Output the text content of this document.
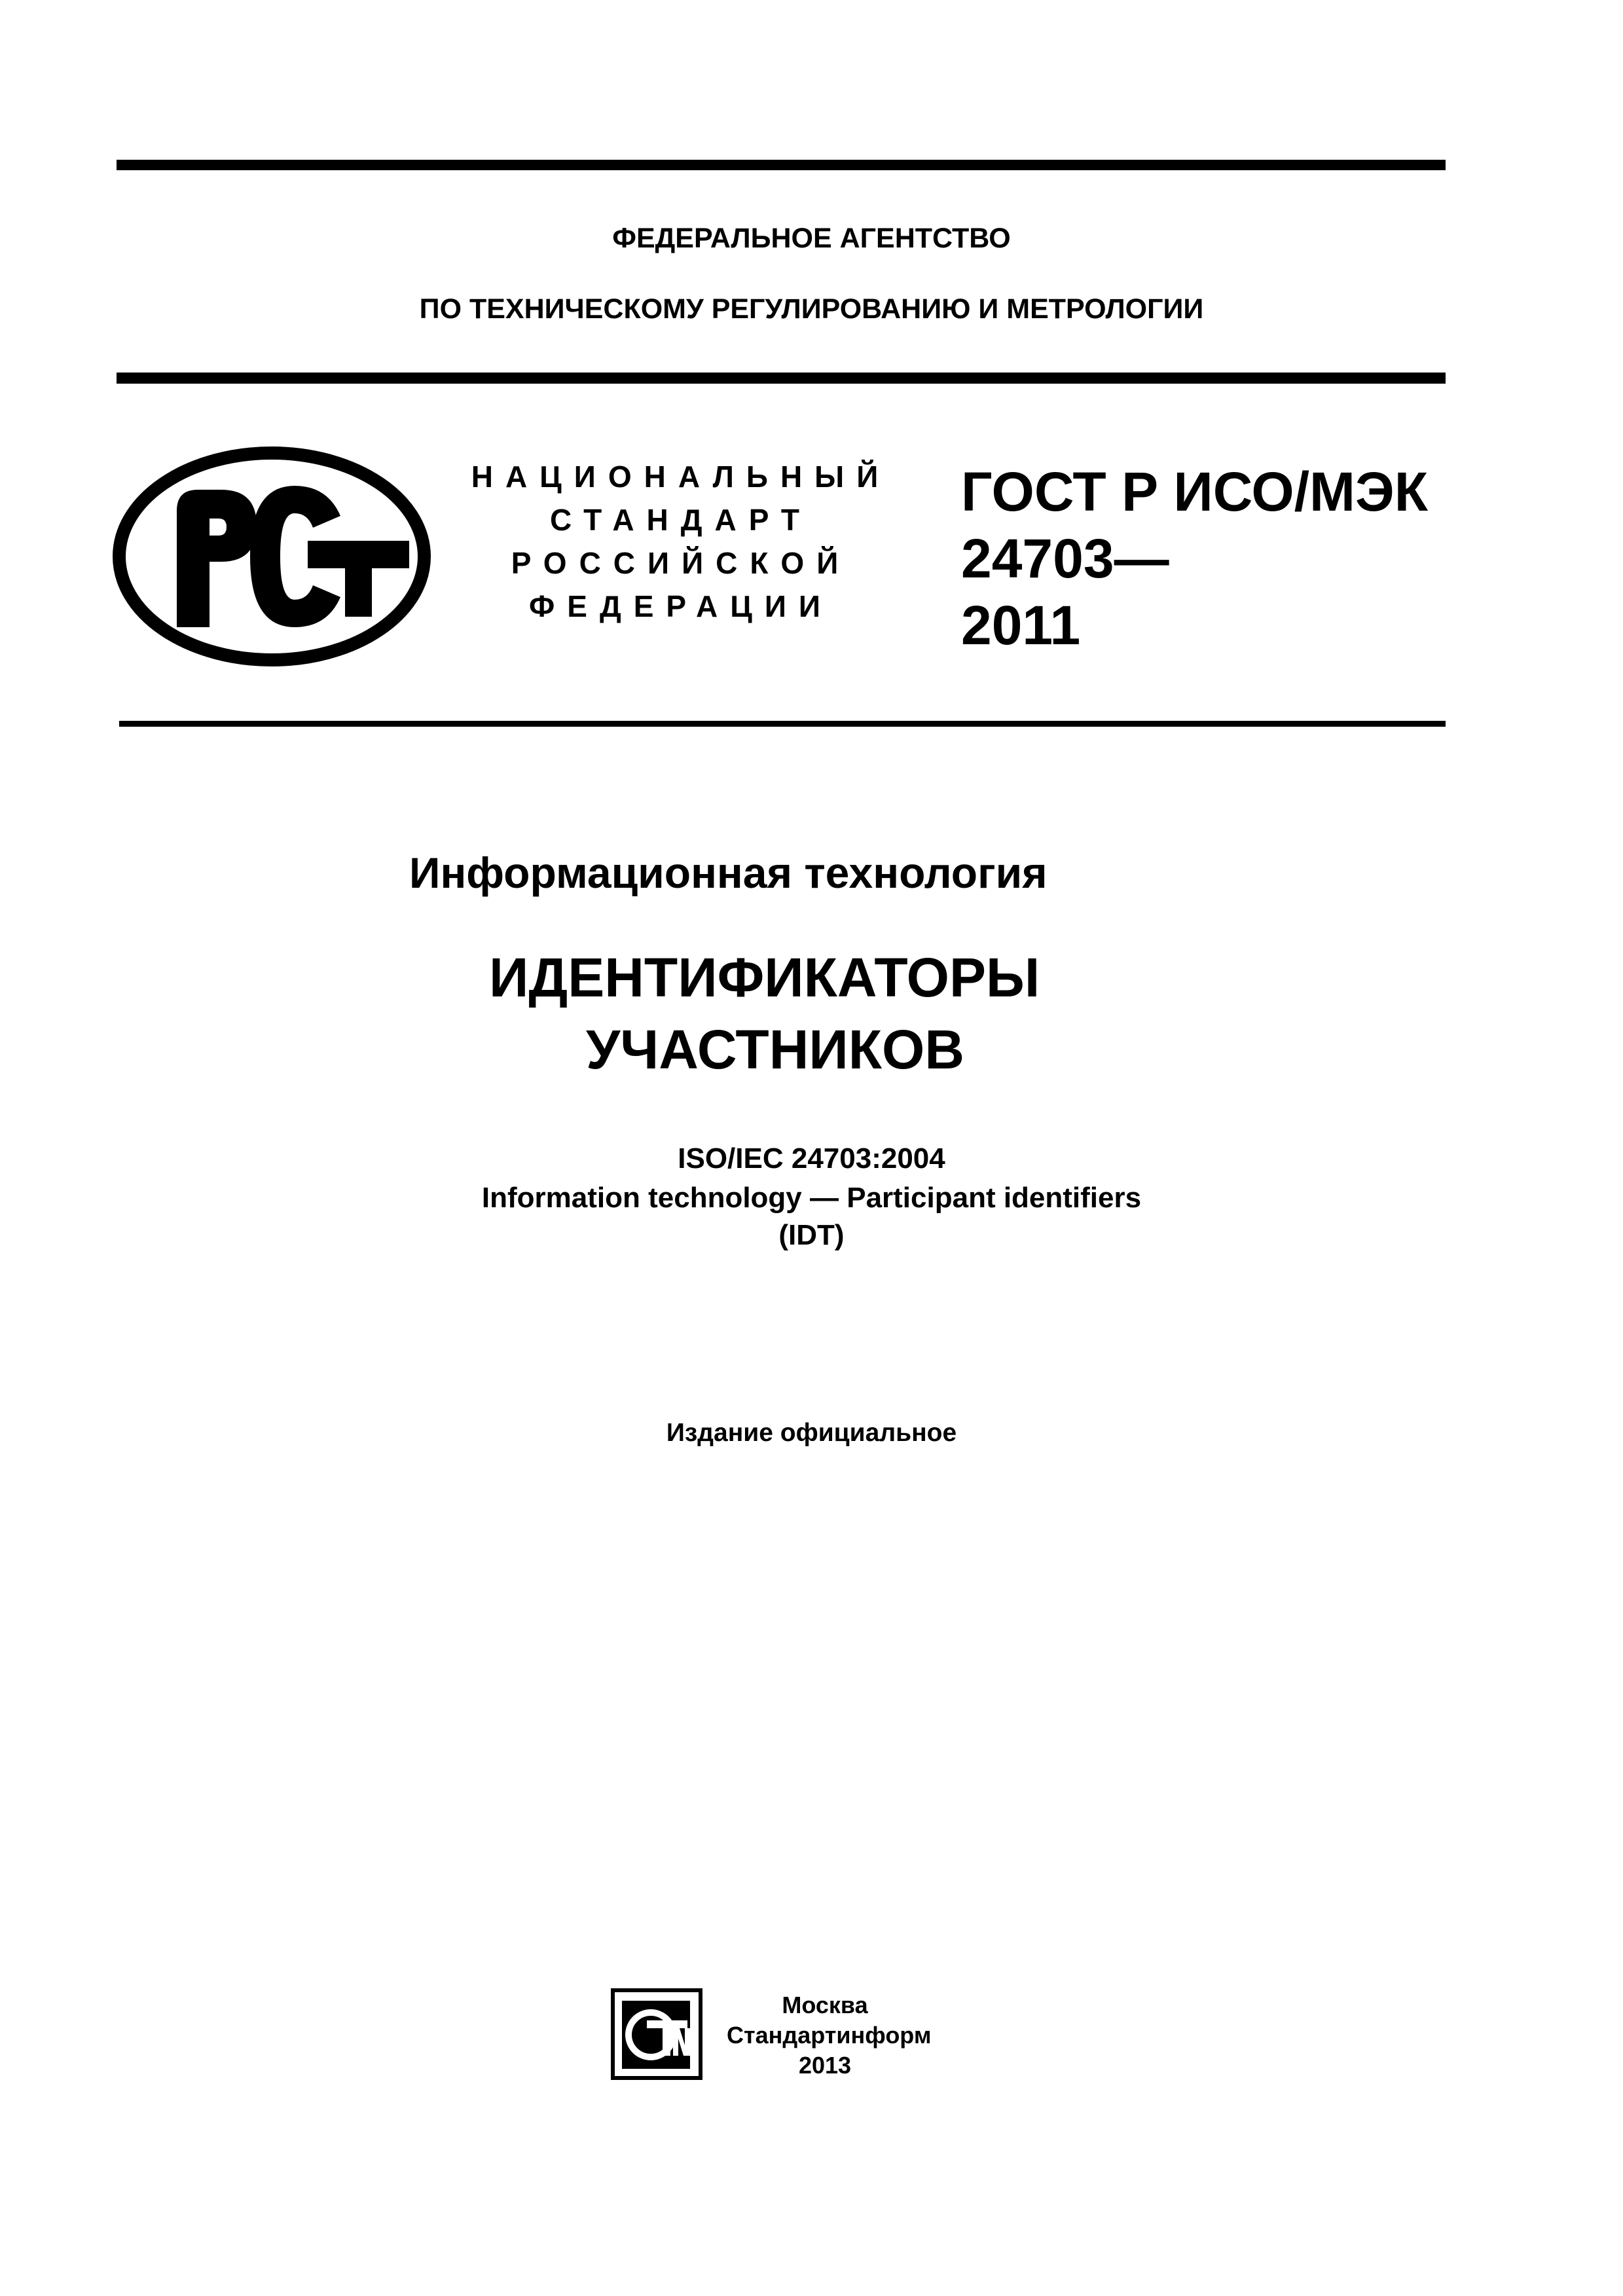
ФЕДЕРАЛЬНОЕ АГЕНТСТВО
ПО ТЕХНИЧЕСКОМУ РЕГУЛИРОВАНИЮ И МЕТРОЛОГИИ
НАЦИОНАЛЬНЫЙ
СТАНДАРТ
РОССИЙСКОЙ
ФЕДЕРАЦИИ
ГОСТ Р ИСО/МЭК
24703—
2011
Информационная технология
ИДЕНТИФИКАТОРЫ
УЧАСТНИКОВ
ISO/IEC 24703:2004
Information technology — Participant identifiers
(IDT)
Издание официальное
Москва
Стандартинформ
2013
